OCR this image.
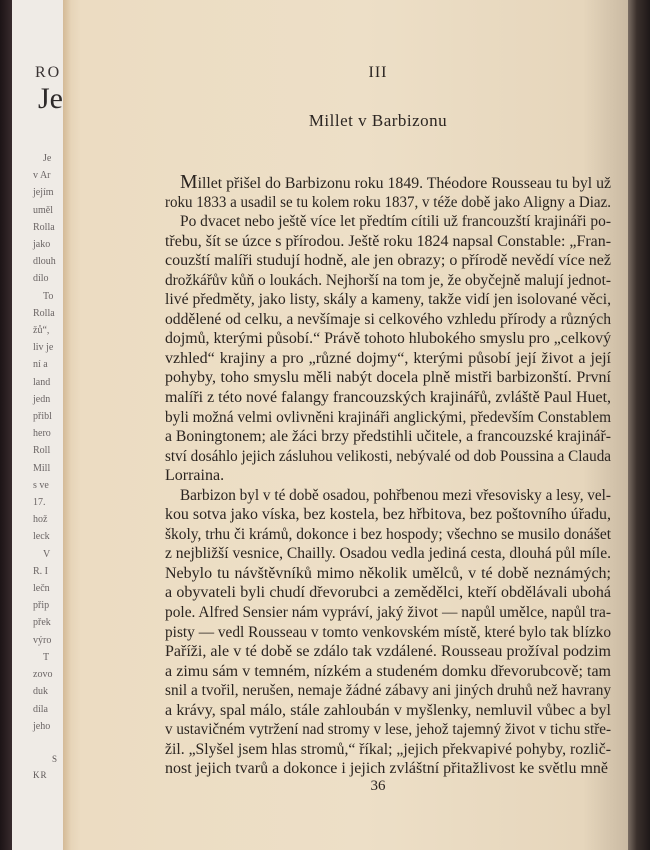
RO
Je
Je
v Ar
jejím
uměl
Rolla
jako
dlouh
dílo
To
Rolla
žů“,
liv je
ní a
land
jedn
přibl
hero
Roll
Mill
s ve
17.
hož
leck
V
R. I
lečn
přip
přek
výro
T
zovo
duk
díla
jeho
S
KR
III
Millet v Barbizonu
Millet přišel do Barbizonu roku 1849. Théodore Rousseau tu byl už
roku 1833 a usadil se tu kolem roku 1837, v téže době jako Aligny a Diaz.
Po dvacet nebo ještě více let předtím cítili už francouzští krajináři po-
třebu, šít se úzce s přírodou. Ještě roku 1824 napsal Constable: „Fran-
couzští malíři studují hodně, ale jen obrazy; o přírodě nevědí více než
drožkářův kůň o loukách. Nejhorší na tom je, že obyčejně malují jednot-
livé předměty, jako listy, skály a kameny, takže vidí jen isolované věci,
oddělené od celku, a nevšímaje si celkového vzhledu přírody a různých
dojmů, kterými působí.“ Právě tohoto hlubokého smyslu pro „celkový
vzhled“ krajiny a pro „různé dojmy“, kterými působí její život a její
pohyby, toho smyslu měli nabýt docela plně mistři barbizonští. První
malíři z této nové falangy francouzských krajinářů, zvláště Paul Huet,
byli možná velmi ovlivněni krajináři anglickými, především Constablem
a Boningtonem; ale žáci brzy předstihli učitele, a francouzské krajinář-
ství dosáhlo jejich zásluhou velikosti, nebývalé od dob Poussina a Clauda
Lorraina.
Barbizon byl v té době osadou, pohřbenou mezi vřesovisky a lesy, vel-
kou sotva jako víska, bez kostela, bez hřbitova, bez poštovního úřadu,
školy, trhu či krámů, dokonce i bez hospody; všechno se musilo donášet
z nejbližší vesnice, Chailly. Osadou vedla jediná cesta, dlouhá půl míle.
Nebylo tu návštěvníků mimo několik umělců, v té době neznámých;
a obyvateli byli chudí dřevorubci a zemědělci, kteří obdělávali ubohá
pole. Alfred Sensier nám vypráví, jaký život — napůl umělce, napůl tra-
pisty — vedl Rousseau v tomto venkovském místě, které bylo tak blízko
Paříži, ale v té době se zdálo tak vzdálené. Rousseau prožíval podzim
a zimu sám v temném, nízkém a studeném domku dřevorubcově; tam
snil a tvořil, nerušen, nemaje žádné zábavy ani jiných druhů než havrany
a krávy, spal málo, stále zahloubán v myšlenky, nemluvil vůbec a byl
v ustavičném vytržení nad stromy v lese, jehož tajemný život v tichu stře-
žil. „Slyšel jsem hlas stromů,“ říkal; „jejich překvapivé pohyby, rozlič-
nost jejich tvarů a dokonce i jejich zvláštní přitažlivost ke světlu mně
36
